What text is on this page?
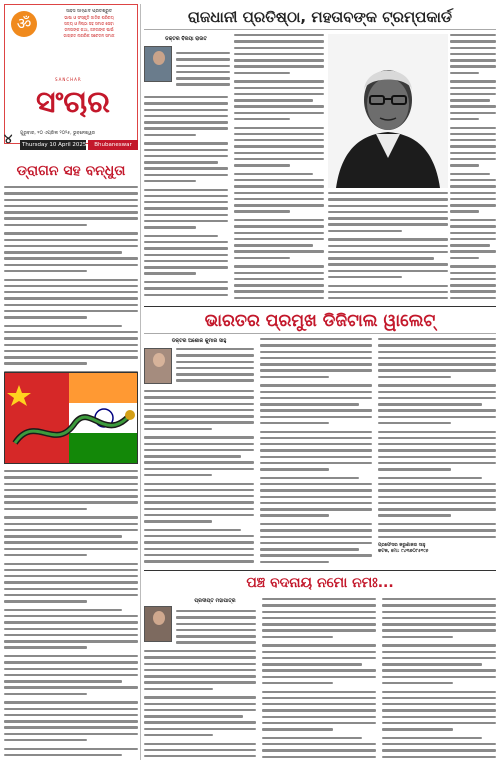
ॐ
ସାହସ ସମ୍ପାଦ ପ୍ରତିଶ୍ରୁତି
ଭାଷା ଓ ସଂସ୍କୃତି ଜାତିର ପରିଚୟ
ସତ୍ୟ ଓ ନିଷ୍ଠା ସହ ସମାଜ ସେବା
ଜନତାଙ୍କ କଥା, ଜନତାଙ୍କ ପାଇଁ
ଜାଗ୍ରତ ନାଗରିକ ସଚେତନ ସମାଜ
SANCHAR
ସଂଚାର
୪ ଗୁରୁବାର, ୧୦ ଏପ୍ରିଲ ୨୦୨୫, ଭୁବନେଶ୍ୱର
Thursday 10 April 2025	Bhubaneswar
ଡ୍ରାଗନ ସହ ବନ୍ଧୁତା
ରାଜଧାନୀ ପ୍ରତିଷ୍ଠା, ମହତାବଙ୍କ ଟ୍ରମ୍ପକାର୍ଡ
ଡକ୍ଟର ବିଜୟା ରାଉତ
ଭାରତର ପ୍ରମୁଖ ଡିଜିଟାଲ ୱାଲେଟ୍
ଡକ୍ଟର ଅଶୋକ କୁମାର ସାହୁ
ପ୍ରଫେସର କରୁଣାକର ସାହୁ
କଟକ, ମୋ: ୯୪୩୭୦୮୫୧୯୬
ପଞ୍ଚ ବଦନାୟ ନମୋ ନମଃ...
ପ୍ରଦୀପ୍ତ ମହାପାତ୍ର
